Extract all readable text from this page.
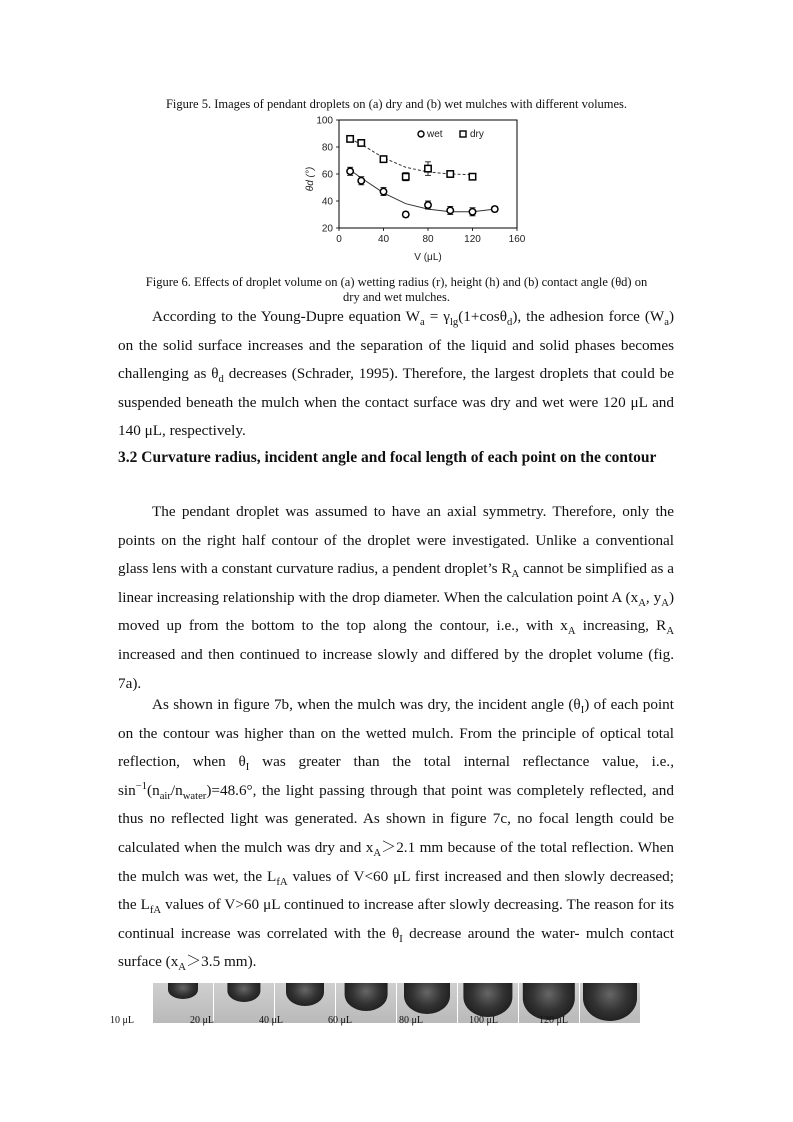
Figure 5. Images of pendant droplets on (a) dry and (b) wet mulches with different volumes.
θd (°)
V (μL)
0	40	80	120	160
20
40
60
80
100
wet	dry
Figure 6. Effects of droplet volume on (a) wetting radius (r), height (h) and (b) contact angle (θd) on
dry and wet mulches.

According to the Young-Dupre equation $W_a = \gamma_{lg}(1+\cos\theta_d)$, the adhesion force $(W_a)$ on the solid surface increases and the separation of the liquid and solid phases becomes challenging as $\theta_d$ decreases (Schrader, 1995). Therefore, the largest droplets that could be suspended beneath the mulch when the contact surface was dry and wet were 120 μL and 140 μL, respectively.

3.2 Curvature radius, incident angle and focal length of each point on the contour

The pendant droplet was assumed to have an axial symmetry. Therefore, only the points on the right half contour of the droplet were investigated. Unlike a conventional glass lens with a constant curvature radius, a pendent droplet’s $R_A$ cannot be simplified as a linear increasing relationship with the drop diameter. When the calculation point A ($x_A$, $y_A$) moved up from the bottom to the top along the contour, i.e., with $x_A$ increasing, $R_A$ increased and then continued to increase slowly and differed by the droplet volume (fig. 7a).

As shown in figure 7b, when the mulch was dry, the incident angle $(\theta_I)$ of each point on the contour was higher than on the wetted mulch. From the principle of optical total reflection, when $\theta_I$ was greater than the total internal reflectance value, i.e., $\sin^{-1}(n_{air}/n_{water})=48.6^\circ$, the light passing through that point was completely reflected, and thus no reflected light was generated. As shown in figure 7c, no focal length could be calculated when the mulch was dry and $x_A>2.1$ mm because of the total reflection. When the mulch was wet, the $L_{fA}$ values of V<60 μL first increased and then slowly decreased; the $L_{fA}$ values of V>60 μL continued to increase after slowly decreasing. The reason for its continual increase was correlated with the $\theta_I$ decrease around the water- mulch contact surface ($x_A>3.5$ mm).

10 μL	20 μL	40 μL	60 μL	80 μL	100 μL	120 μL
